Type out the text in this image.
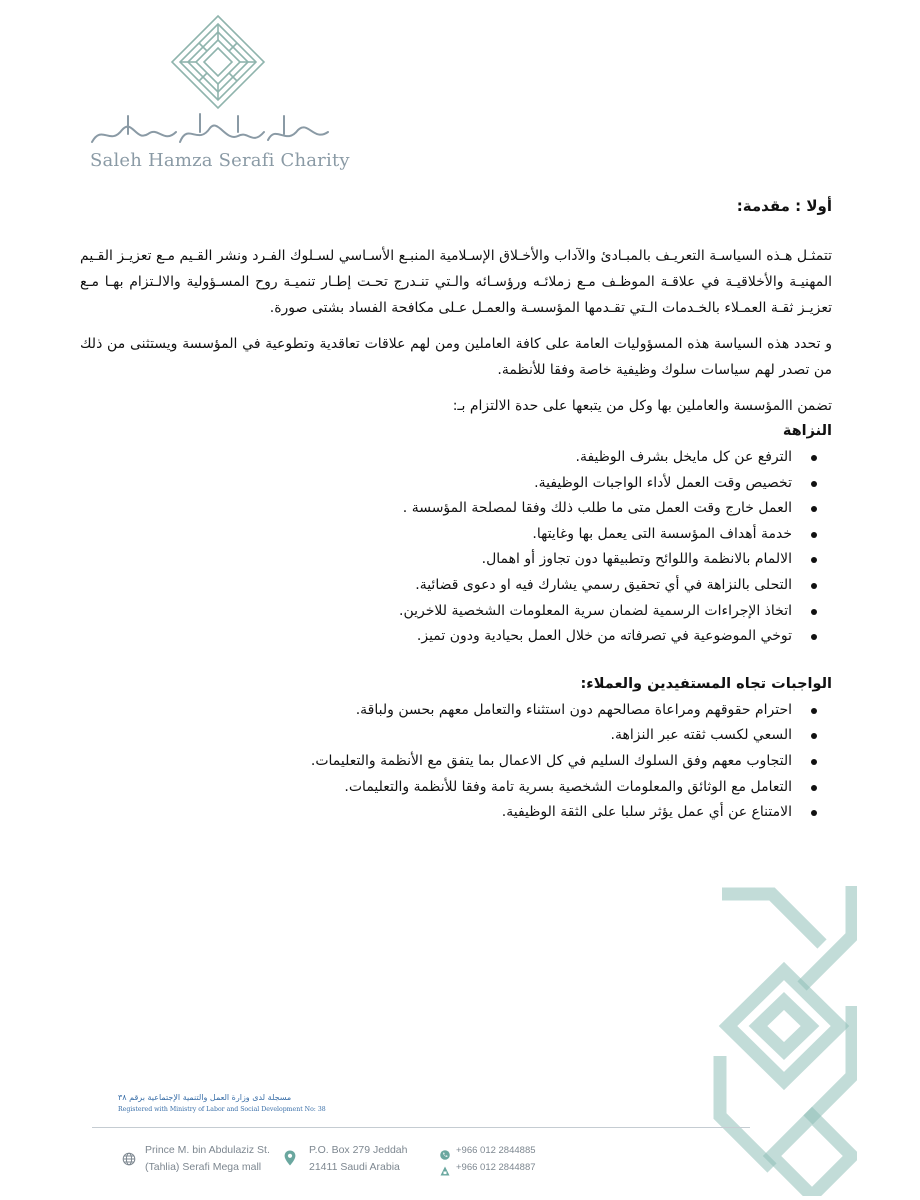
Saleh Hamza Serafi Charity
أولا : مقدمة:

تتمثـل هـذه السياسـة التعريـف بالمبـادئ والآداب والأخـلاق الإسـلامية المنبـع الأسـاسي لسـلوك الفـرد ونشر القـيم مـع تعزيـز القـيم المهنيـة والأخلاقيـة في علاقـة الموظـف مـع زملائـه ورؤسـائه والـتي تنـدرج تحـت إطـار تنميـة روح المسـؤولية والالـتزام بهـا مـع تعزيـز ثقـة العمـلاء بالخـدمات الـتي تقـدمها المؤسسـة والعمـل عـلى مكافحة الفساد بشتى صورة.

و تحدد هذه السياسة هذه المسؤوليات العامة على كافة العاملين ومن لهم علاقات تعاقدية وتطوعية في المؤسسة ويستثنى من ذلك من تصدر لهم سياسات سلوك وظيفية خاصة وفقا للأنظمة.

تضمن االمؤسسة والعاملين بها وكل من يتبعها على حدة الالتزام بـ:

النزاهة
الترفع عن كل مايخل بشرف الوظيفة.
تخصيص وقت العمل لأداء الواجبات الوظيفية.
العمل خارج وقت العمل متى ما طلب ذلك وفقا لمصلحة المؤسسة .
خدمة أهداف المؤسسة التى يعمل بها وغايتها.
الالمام بالانظمة واللوائح وتطبيقها دون تجاوز أو اهمال.
التحلى بالنزاهة في أي تحقيق رسمي يشارك فيه او دعوى قضائية.
اتخاذ الإجراءات الرسمية لضمان سرية المعلومات الشخصية للاخرين.
توخي الموضوعية في تصرفاته من خلال العمل بحيادية ودون تميز.
الواجبات تجاه المستفيدين والعملاء:
احترام حقوقهم ومراعاة مصالحهم دون استثناء والتعامل معهم بحسن ولباقة.
السعي لكسب ثقته عبر النزاهة.
التجاوب معهم وفق السلوك السليم في كل الاعمال بما يتفق مع الأنظمة والتعليمات.
التعامل مع الوثائق والمعلومات الشخصية بسرية تامة وفقا للأنظمة والتعليمات.
الامتناع عن أي عمل يؤثر سلبا على الثقة الوظيفية.
مسجلة لدى وزارة العمل والتنمية الإجتماعية برقم ٣٨
Registered with Ministry of Labor and Social Development No: 38
Prince M. bin Abdulaziz St.
(Tahlia) Serafi Mega mall
P.O. Box 279 Jeddah
21411 Saudi Arabia
+966 012 2844885
+966 012 2844887
